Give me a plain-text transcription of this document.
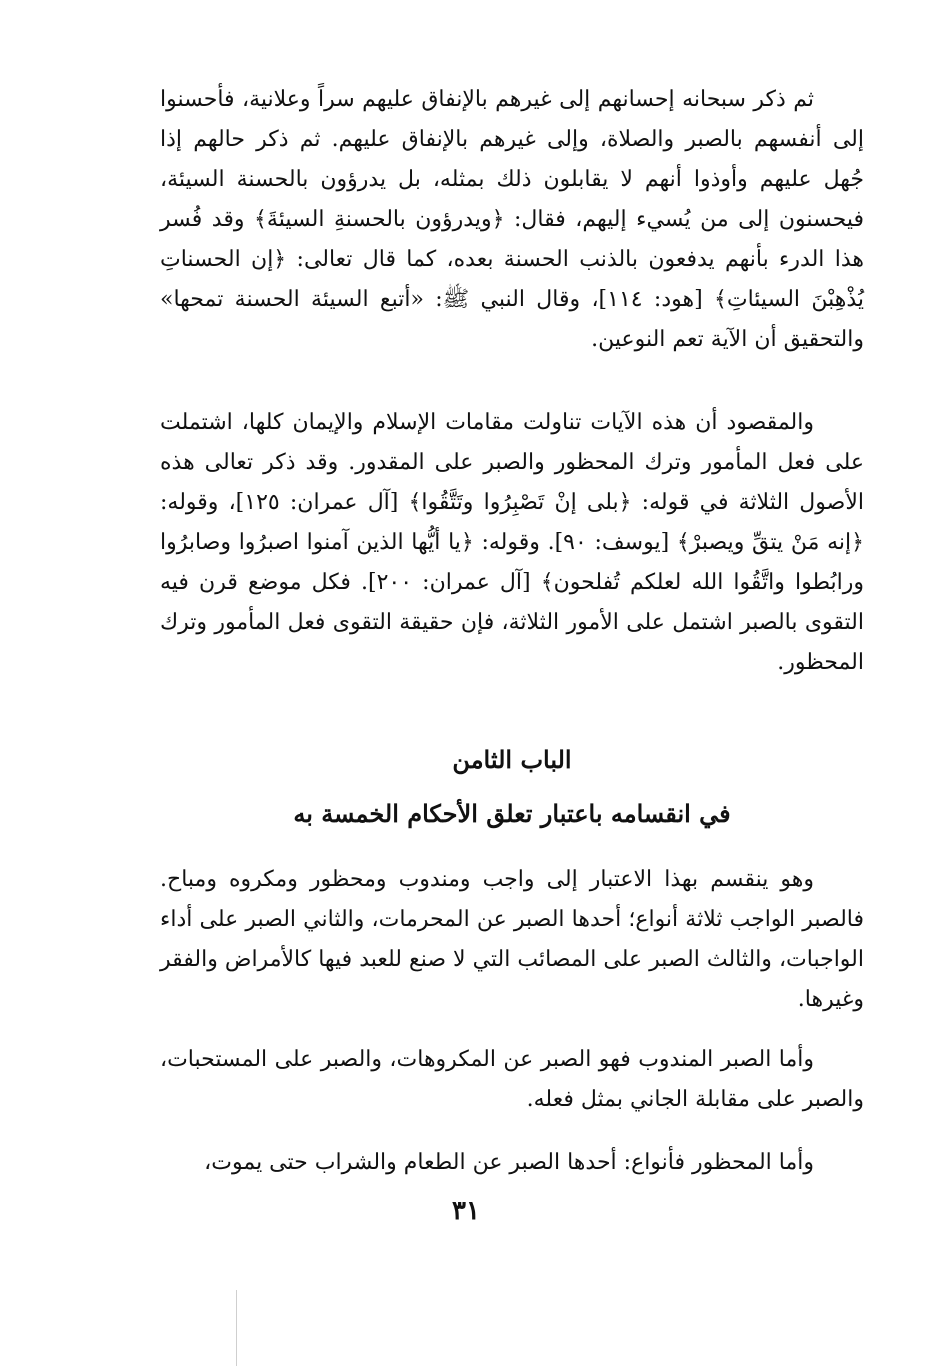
ثم ذكر سبحانه إحسانهم إلى غيرهم بالإنفاق عليهم سراً وعلانية، فأحسنوا إلى أنفسهم بالصبر والصلاة، وإلى غيرهم بالإنفاق عليهم. ثم ذكر حالهم إذا جُهل عليهم وأوذوا أنهم لا يقابلون ذلك بمثله، بل يدرؤون بالحسنة السيئة، فيحسنون إلى من يُسيء إليهم، فقال: ﴿ويدرؤون بالحسنةِ السيئةَ﴾ وقد فُسر هذا الدرء بأنهم يدفعون بالذنب الحسنة بعده، كما قال تعالى: ﴿إن الحسناتِ يُذْهِبْنَ السيئاتِ﴾ [هود: ١١٤]، وقال النبي ﷺ: «أتبع السيئة الحسنة تمحها» والتحقيق أن الآية تعم النوعين.

والمقصود أن هذه الآيات تناولت مقامات الإسلام والإيمان كلها، اشتملت على فعل المأمور وترك المحظور والصبر على المقدور. وقد ذكر تعالى هذه الأصول الثلاثة في قوله: ﴿بلى إنْ تَصْبِرُوا وتَتَّقُوا﴾ [آل عمران: ١٢٥]، وقوله: ﴿إنه مَنْ يتقِّ ويصبرْ﴾ [يوسف: ٩٠]. وقوله: ﴿يا أيُّها الذين آمنوا اصبرُوا وصابرُوا ورابُطوا واتَّقُوا الله لعلكم تُفلحون﴾ [آل عمران: ٢٠٠]. فكل موضع قرن فيه التقوى بالصبر اشتمل على الأمور الثلاثة، فإن حقيقة التقوى فعل المأمور وترك المحظور.

الباب الثامن
في انقسامه باعتبار تعلق الأحكام الخمسة به

وهو ينقسم بهذا الاعتبار إلى واجب ومندوب ومحظور ومكروه ومباح. فالصبر الواجب ثلاثة أنواع؛ أحدها الصبر عن المحرمات، والثاني الصبر على أداء الواجبات، والثالث الصبر على المصائب التي لا صنع للعبد فيها كالأمراض والفقر وغيرها.

وأما الصبر المندوب فهو الصبر عن المكروهات، والصبر على المستحبات، والصبر على مقابلة الجاني بمثل فعله.

وأما المحظور فأنواع: أحدها الصبر عن الطعام والشراب حتى يموت،

٣١
